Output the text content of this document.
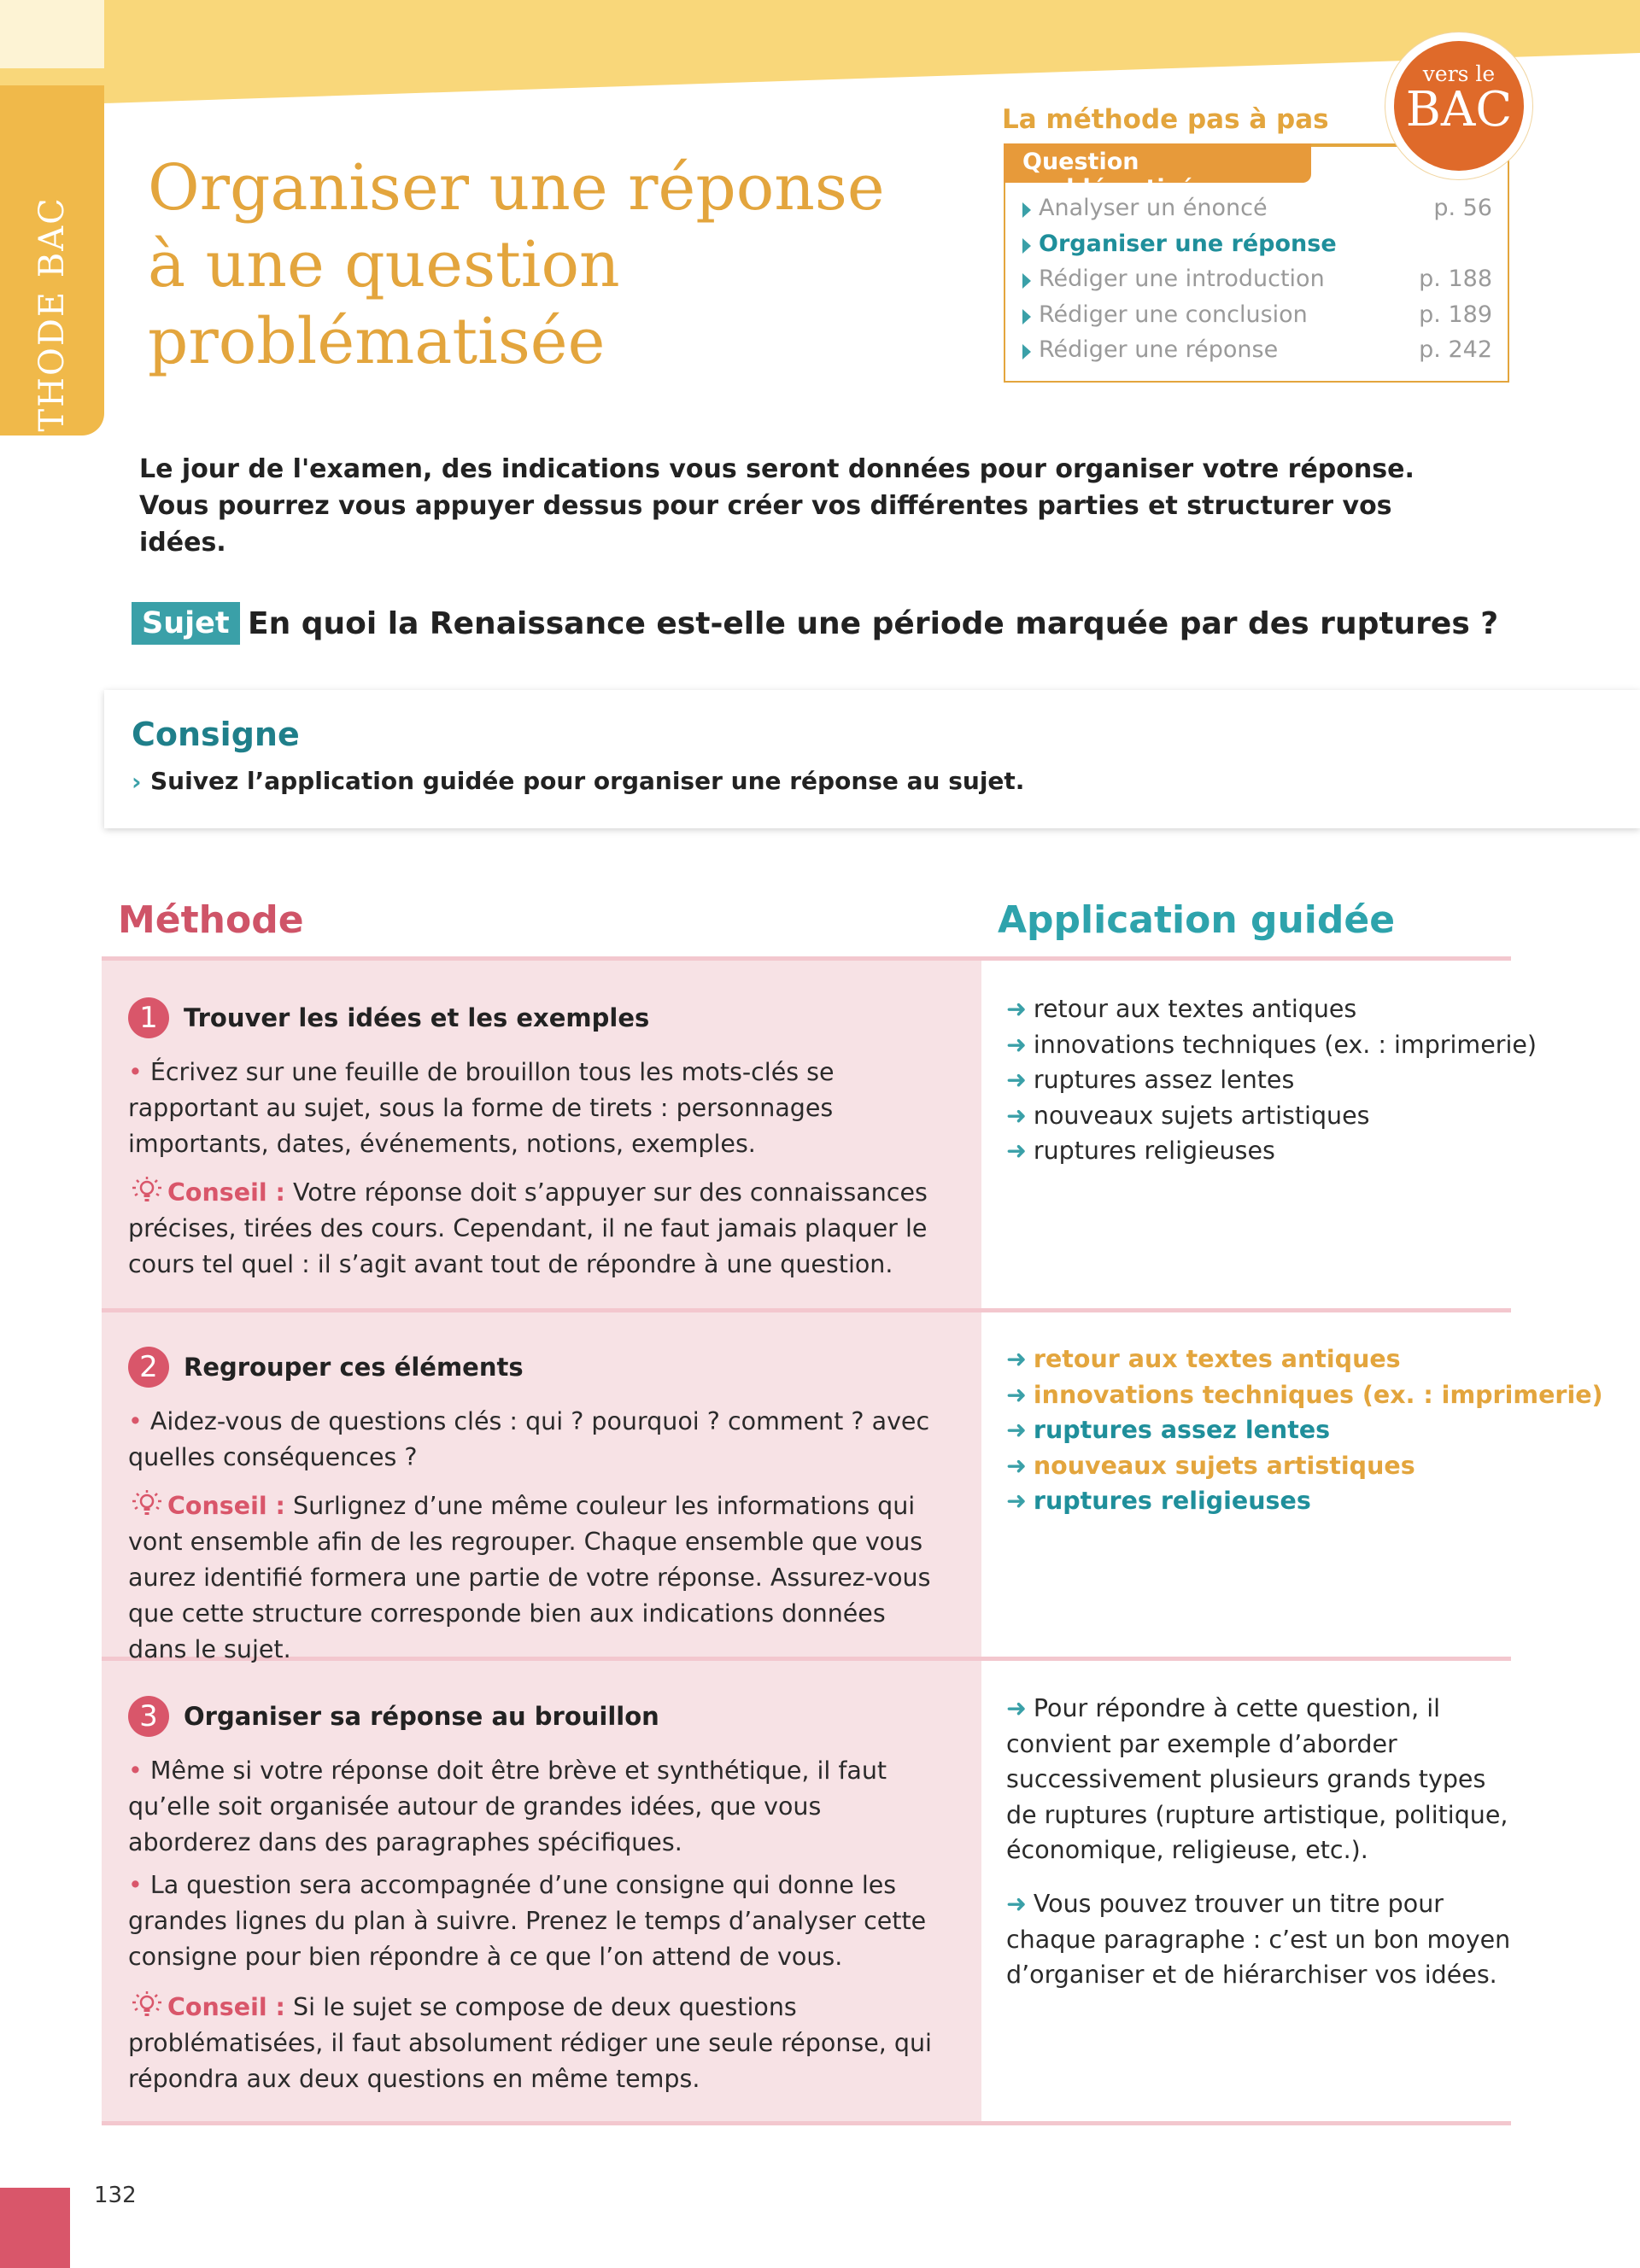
MÉTHODE BAC
Organiser une réponse
à une question
problématisée
La méthode pas à pas
Question problématisée
Analyser un énoncé	p. 56
Organiser une réponse
Rédiger une introduction	p. 188
Rédiger une conclusion	p. 189
Rédiger une réponse	p. 242
vers le
BAC

Le jour de l'examen, des indications vous seront données pour organiser votre réponse. Vous pourrez vous appuyer dessus pour créer vos différentes parties et structurer vos idées.

Sujet En quoi la Renaissance est-elle une période marquée par des ruptures ?
Consigne
› Suivez l’application guidée pour organiser une réponse au sujet.
Méthode	Application guidée
1	Trouver les idées et les exemples
• Écrivez sur une feuille de brouillon tous les mots-clés se rapportant au sujet, sous la forme de tirets : personnages importants, dates, événements, notions, exemples.
Conseil : Votre réponse doit s’appuyer sur des connaissances précises, tirées des cours. Cependant, il ne faut jamais plaquer le cours tel quel : il s’agit avant tout de répondre à une question.
➜ retour aux textes antiques
➜ innovations techniques (ex. : imprimerie)
➜ ruptures assez lentes
➜ nouveaux sujets artistiques
➜ ruptures religieuses
2	Regrouper ces éléments
• Aidez-vous de questions clés : qui ? pourquoi ? comment ? avec quelles conséquences ?
Conseil : Surlignez d’une même couleur les informations qui vont ensemble afin de les regrouper. Chaque ensemble que vous aurez identifié formera une partie de votre réponse. Assurez-vous que cette structure corresponde bien aux indications données dans le sujet.
➜ retour aux textes antiques
➜ innovations techniques (ex. : imprimerie)
➜ ruptures assez lentes
➜ nouveaux sujets artistiques
➜ ruptures religieuses
3	Organiser sa réponse au brouillon
• Même si votre réponse doit être brève et synthétique, il faut qu’elle soit organisée autour de grandes idées, que vous aborderez dans des paragraphes spécifiques.
• La question sera accompagnée d’une consigne qui donne les grandes lignes du plan à suivre. Prenez le temps d’analyser cette consigne pour bien répondre à ce que l’on attend de vous.
Conseil : Si le sujet se compose de deux questions problématisées, il faut absolument rédiger une seule réponse, qui répondra aux deux questions en même temps.
➜ Pour répondre à cette question, il convient par exemple d’aborder successivement plusieurs grands types de ruptures (rupture artistique, politique, économique, religieuse, etc.).
➜ Vous pouvez trouver un titre pour chaque paragraphe : c’est un bon moyen d’organiser et de hiérarchiser vos idées.
132
